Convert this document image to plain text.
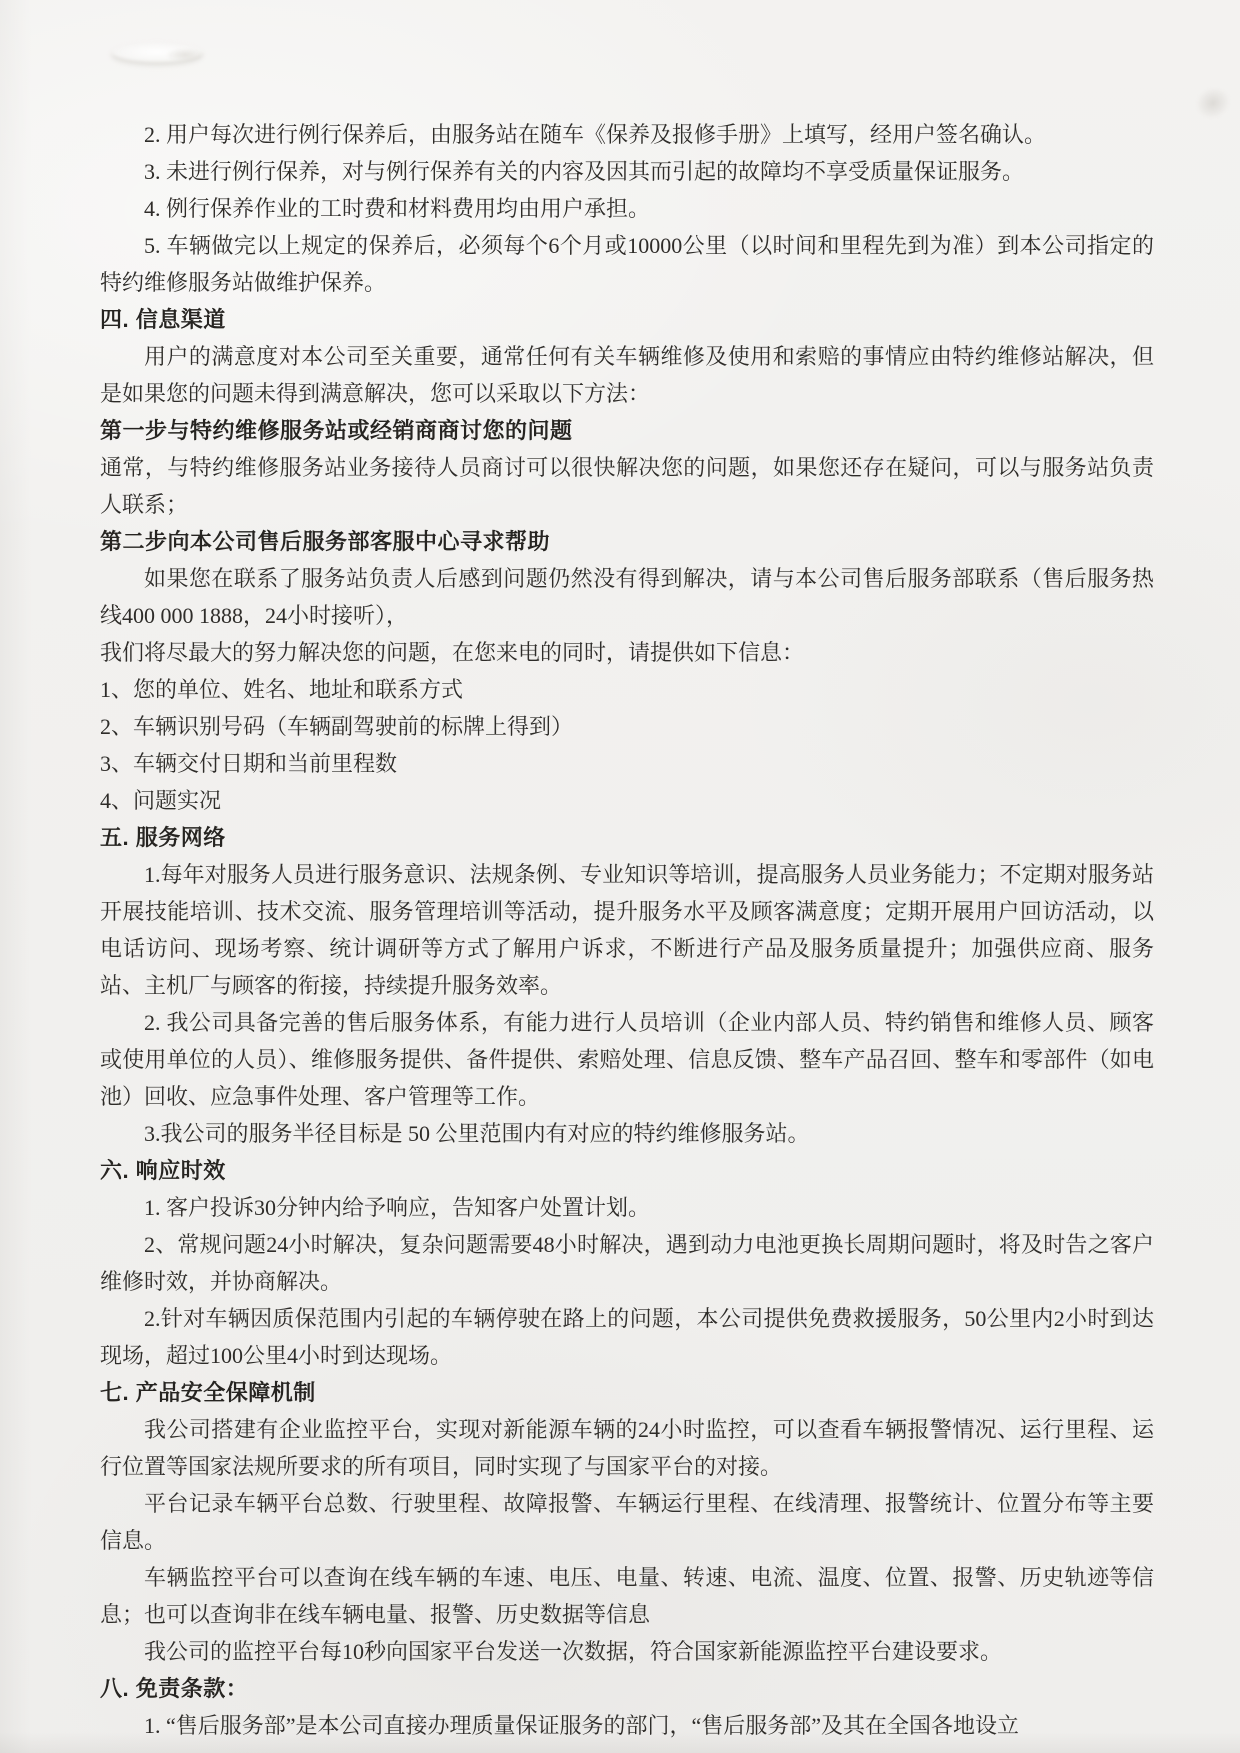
2. 用户每次进行例行保养后，由服务站在随车《保养及报修手册》上填写，经用户签名确认。

3. 未进行例行保养，对与例行保养有关的内容及因其而引起的故障均不享受质量保证服务。

4. 例行保养作业的工时费和材料费用均由用户承担。

5. 车辆做完以上规定的保养后，必须每个6个月或10000公里（以时间和里程先到为准）到本公司指定的特约维修服务站做维护保养。

四. 信息渠道

用户的满意度对本公司至关重要，通常任何有关车辆维修及使用和索赔的事情应由特约维修站解决，但是如果您的问题未得到满意解决，您可以采取以下方法：

第一步与特约维修服务站或经销商商讨您的问题

通常，与特约维修服务站业务接待人员商讨可以很快解决您的问题，如果您还存在疑问，可以与服务站负责人联系；

第二步向本公司售后服务部客服中心寻求帮助

如果您在联系了服务站负责人后感到问题仍然没有得到解决，请与本公司售后服务部联系（售后服务热线400 000 1888，24小时接听），

我们将尽最大的努力解决您的问题，在您来电的同时，请提供如下信息：

1、您的单位、姓名、地址和联系方式

2、车辆识别号码（车辆副驾驶前的标牌上得到）

3、车辆交付日期和当前里程数

4、问题实况

五. 服务网络

1.每年对服务人员进行服务意识、法规条例、专业知识等培训，提高服务人员业务能力；不定期对服务站开展技能培训、技术交流、服务管理培训等活动，提升服务水平及顾客满意度；定期开展用户回访活动，以电话访问、现场考察、统计调研等方式了解用户诉求，不断进行产品及服务质量提升；加强供应商、服务站、主机厂与顾客的衔接，持续提升服务效率。

2. 我公司具备完善的售后服务体系，有能力进行人员培训（企业内部人员、特约销售和维修人员、顾客或使用单位的人员）、维修服务提供、备件提供、索赔处理、信息反馈、整车产品召回、整车和零部件（如电池）回收、应急事件处理、客户管理等工作。

3.我公司的服务半径目标是 50 公里范围内有对应的特约维修服务站。

六. 响应时效

1. 客户投诉30分钟内给予响应，告知客户处置计划。

2、常规问题24小时解决，复杂问题需要48小时解决，遇到动力电池更换长周期问题时，将及时告之客户维修时效，并协商解决。

2.针对车辆因质保范围内引起的车辆停驶在路上的问题，本公司提供免费救援服务，50公里内2小时到达现场，超过100公里4小时到达现场。

七. 产品安全保障机制

我公司搭建有企业监控平台，实现对新能源车辆的24小时监控，可以查看车辆报警情况、运行里程、运行位置等国家法规所要求的所有项目，同时实现了与国家平台的对接。

平台记录车辆平台总数、行驶里程、故障报警、车辆运行里程、在线清理、报警统计、位置分布等主要信息。

车辆监控平台可以查询在线车辆的车速、电压、电量、转速、电流、温度、位置、报警、历史轨迹等信息；也可以查询非在线车辆电量、报警、历史数据等信息

我公司的监控平台每10秒向国家平台发送一次数据，符合国家新能源监控平台建设要求。

八. 免责条款：

1. “售后服务部”是本公司直接办理质量保证服务的部门，“售后服务部”及其在全国各地设立
